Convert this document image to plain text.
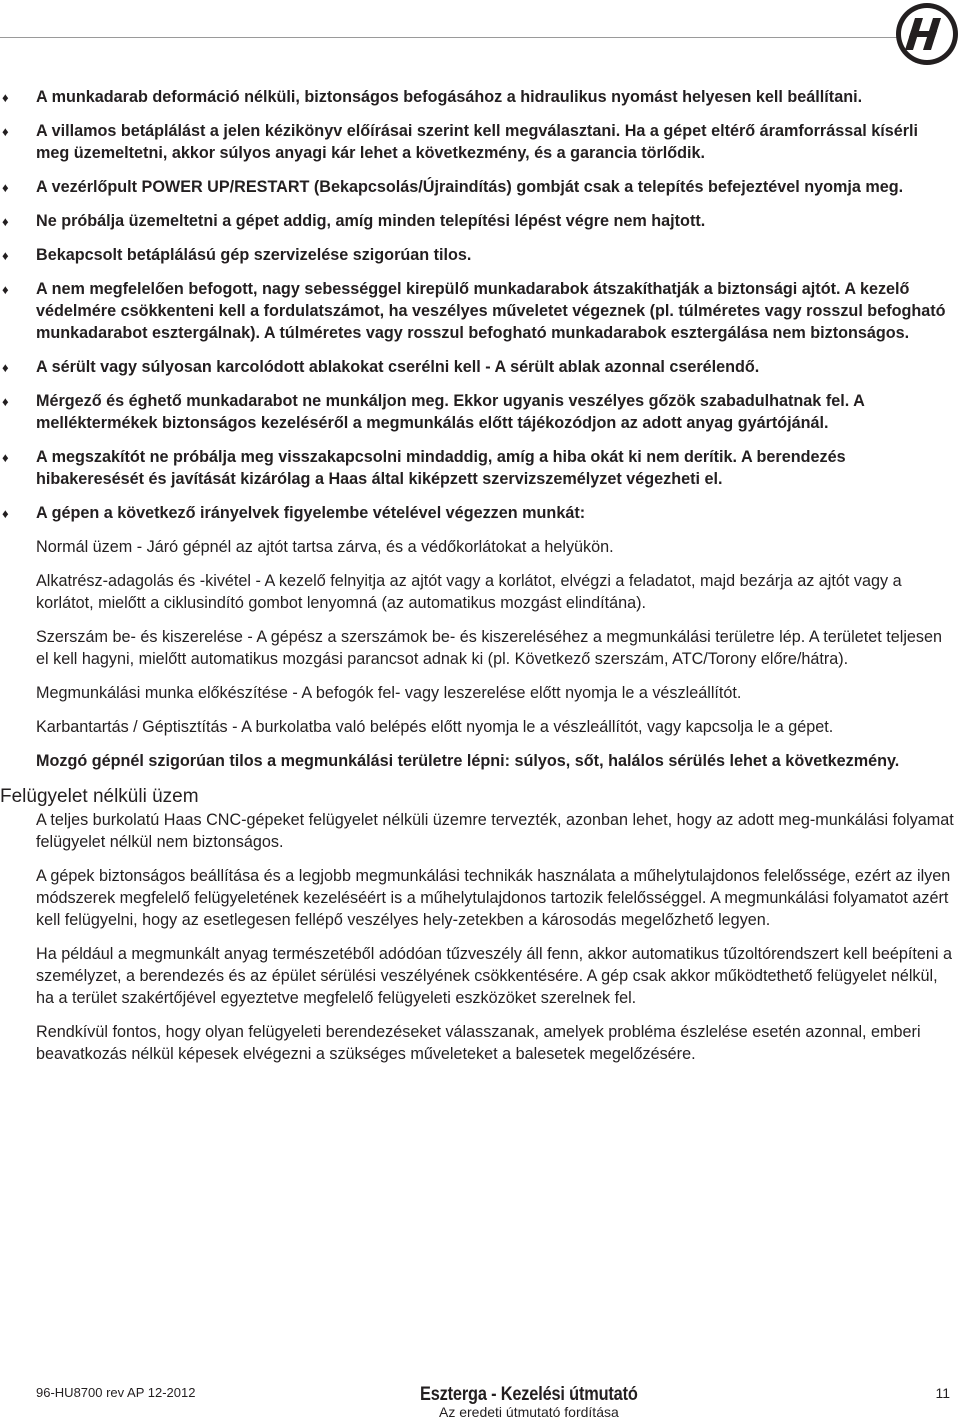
♦ A munkadarab deformáció nélküli, biztonságos befogásához a hidraulikus nyomást helyesen kell beállítani.
♦ A villamos betáplálást a jelen kézikönyv előírásai szerint kell megválasztani. Ha a gépet eltérő áramforrással kísérli meg üzemeltetni, akkor súlyos anyagi kár lehet a következmény, és a garancia törlődik.
♦ A vezérlőpult POWER UP/RESTART (Bekapcsolás/Újraindítás) gombját csak a telepítés befejeztével nyomja meg.
♦ Ne próbálja üzemeltetni a gépet addig, amíg minden telepítési lépést végre nem hajtott.
♦ Bekapcsolt betáplálású gép szervizelése szigorúan tilos.
♦ A nem megfelelően befogott, nagy sebességgel kirepülő munkadarabok átszakíthatják a biztonsági ajtót. A kezelő védelmére csökkenteni kell a fordulatszámot, ha veszélyes műveletet végeznek (pl. túlméretes vagy rosszul befogható munkadarabot esztergálnak). A túlméretes vagy rosszul befogható munkadarabok esztergálása nem biztonságos.
♦ A sérült vagy súlyosan karcolódott ablakokat cserélni kell - A sérült ablak azonnal cserélendő.
♦ Mérgező és éghető munkadarabot ne munkáljon meg. Ekkor ugyanis veszélyes gőzök szabadulhatnak fel. A melléktermékek biztonságos kezeléséről a megmunkálás előtt tájékozódjon az adott anyag gyártójánál.
♦ A megszakítót ne próbálja meg visszakapcsolni mindaddig, amíg a hiba okát ki nem derítik. A berendezés hibakeresését és javítását kizárólag a Haas által kiképzett szervizszemélyzet végezheti el.
♦ A gépen a következő irányelvek figyelembe vételével végezzen munkát:
Normál üzem - Járó gépnél az ajtót tartsa zárva, és a védőkorlátokat a helyükön.
Alkatrész-adagolás és -kivétel - A kezelő felnyitja az ajtót vagy a korlátot, elvégzi a feladatot, majd bezárja az ajtót vagy a korlátot, mielőtt a ciklusindító gombot lenyomná (az automatikus mozgást elindítána).
Szerszám be- és kiszerelése - A gépész a szerszámok be- és kiszereléséhez a megmunkálási területre lép. A területet teljesen el kell hagyni, mielőtt automatikus mozgási parancsot adnak ki (pl. Következő szerszám, ATC/Torony előre/hátra).
Megmunkálási munka előkészítése - A befogók fel- vagy leszerelése előtt nyomja le a vészleállítót.
Karbantartás / Géptisztítás - A burkolatba való belépés előtt nyomja le a vészleállítót, vagy kapcsolja le a gépet.
Mozgó gépnél szigorúan tilos a megmunkálási területre lépni: súlyos, sőt, halálos sérülés lehet a következmény.
Felügyelet nélküli üzem
A teljes burkolatú Haas CNC-gépeket felügyelet nélküli üzemre tervezték, azonban lehet, hogy az adott meg-munkálási folyamat felügyelet nélkül nem biztonságos.
A gépek biztonságos beállítása és a legjobb megmunkálási technikák használata a műhelytulajdonos felelőssége, ezért az ilyen módszerek megfelelő felügyeletének kezeléséért is a műhelytulajdonos tartozik felelősséggel. A megmunkálási folyamatot azért kell felügyelni, hogy az esetlegesen fellépő veszélyes hely-zetekben a károsodás megelőzhető legyen.
Ha például a megmunkált anyag természetéből adódóan tűzveszély áll fenn, akkor automatikus tűzoltórendszert kell beépíteni a személyzet, a berendezés és az épület sérülési veszélyének csökkentésére. A gép csak akkor működtethető felügyelet nélkül, ha a terület szakértőjével egyeztetve megfelelő felügyeleti eszközöket szerelnek fel.
Rendkívül fontos, hogy olyan felügyeleti berendezéseket válasszanak, amelyek probléma észlelése esetén azonnal, emberi beavatkozás nélkül képesek elvégezni a szükséges műveleteket a balesetek megelőzésére.
96-HU8700 rev AP 12-2012	Eszterga - Kezelési útmutató
Az eredeti útmutató fordítása
11
